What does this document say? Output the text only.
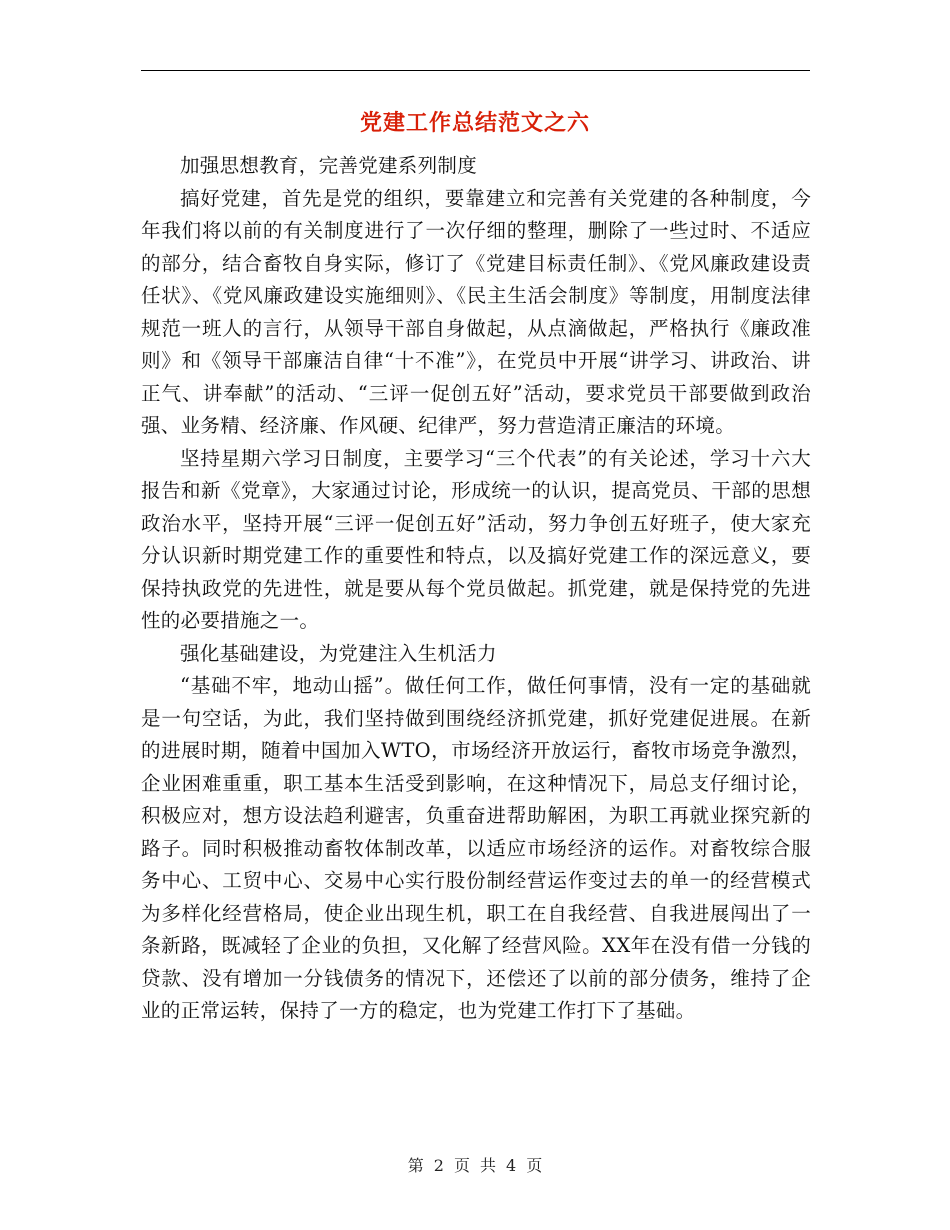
党建工作总结范文之六

加强思想教育，完善党建系列制度

搞好党建，首先是党的组织，要靠建立和完善有关党建的各种制度，今年我们将以前的有关制度进行了一次仔细的整理，删除了一些过时、不适应的部分，结合畜牧自身实际，修订了《党建目标责任制》、《党风廉政建设责任状》、《党风廉政建设实施细则》、《民主生活会制度》等制度，用制度法律规范一班人的言行，从领导干部自身做起，从点滴做起，严格执行《廉政准则》和《领导干部廉洁自律“十不准”》，在党员中开展“讲学习、讲政治、讲正气、讲奉献”的活动、“三评一促创五好”活动，要求党员干部要做到政治强、业务精、经济廉、作风硬、纪律严，努力营造清正廉洁的环境。

坚持星期六学习日制度，主要学习“三个代表”的有关论述，学习十六大报告和新《党章》，大家通过讨论，形成统一的认识，提高党员、干部的思想政治水平，坚持开展“三评一促创五好”活动，努力争创五好班子，使大家充分认识新时期党建工作的重要性和特点，以及搞好党建工作的深远意义，要保持执政党的先进性，就是要从每个党员做起。抓党建，就是保持党的先进性的必要措施之一。

强化基础建设，为党建注入生机活力

“基础不牢，地动山摇”。做任何工作，做任何事情，没有一定的基础就是一句空话，为此，我们坚持做到围绕经济抓党建，抓好党建促进展。在新的进展时期，随着中国加入WTO，市场经济开放运行，畜牧市场竞争激烈，企业困难重重，职工基本生活受到影响，在这种情况下，局总支仔细讨论，积极应对，想方设法趋利避害，负重奋进帮助解困，为职工再就业探究新的路子。同时积极推动畜牧体制改革，以适应市场经济的运作。对畜牧综合服务中心、工贸中心、交易中心实行股份制经营运作变过去的单一的经营模式为多样化经营格局，使企业出现生机，职工在自我经营、自我进展闯出了一条新路，既减轻了企业的负担，又化解了经营风险。XX年在没有借一分钱的贷款、没有增加一分钱债务的情况下，还偿还了以前的部分债务，维持了企业的正常运转，保持了一方的稳定，也为党建工作打下了基础。

第 2 页 共 4 页
